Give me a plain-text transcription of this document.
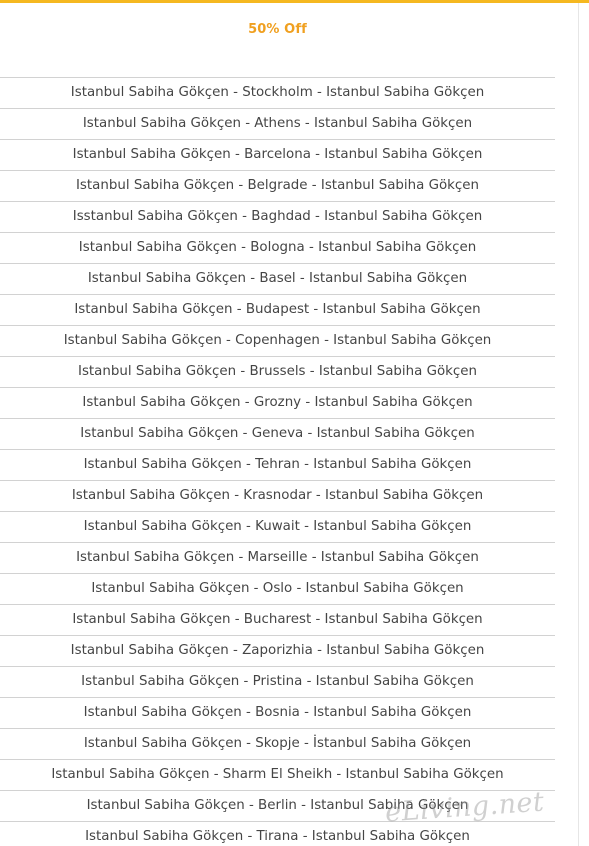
50% Off
Istanbul Sabiha Gökçen - Stockholm - Istanbul Sabiha Gökçen
Istanbul Sabiha Gökçen - Athens - Istanbul Sabiha Gökçen
Istanbul Sabiha Gökçen - Barcelona - Istanbul Sabiha Gökçen
Istanbul Sabiha Gökçen - Belgrade - Istanbul Sabiha Gökçen
Isstanbul Sabiha Gökçen - Baghdad - Istanbul Sabiha Gökçen
Istanbul Sabiha Gökçen - Bologna - Istanbul Sabiha Gökçen
Istanbul Sabiha Gökçen - Basel - Istanbul Sabiha Gökçen
Istanbul Sabiha Gökçen - Budapest - Istanbul Sabiha Gökçen
Istanbul Sabiha Gökçen - Copenhagen - Istanbul Sabiha Gökçen
Istanbul Sabiha Gökçen - Brussels - Istanbul Sabiha Gökçen
Istanbul Sabiha Gökçen - Grozny - Istanbul Sabiha Gökçen
Istanbul Sabiha Gökçen - Geneva - Istanbul Sabiha Gökçen
Istanbul Sabiha Gökçen - Tehran - Istanbul Sabiha Gökçen
Istanbul Sabiha Gökçen - Krasnodar - Istanbul Sabiha Gökçen
Istanbul Sabiha Gökçen - Kuwait - Istanbul Sabiha Gökçen
Istanbul Sabiha Gökçen - Marseille - Istanbul Sabiha Gökçen
Istanbul Sabiha Gökçen - Oslo - Istanbul Sabiha Gökçen
Istanbul Sabiha Gökçen - Bucharest - Istanbul Sabiha Gökçen
Istanbul Sabiha Gökçen - Zaporizhia - Istanbul Sabiha Gökçen
Istanbul Sabiha Gökçen - Pristina - Istanbul Sabiha Gökçen
Istanbul Sabiha Gökçen - Bosnia - Istanbul Sabiha Gökçen
Istanbul Sabiha Gökçen - Skopje - İstanbul Sabiha Gökçen
Istanbul Sabiha Gökçen - Sharm El Sheikh - Istanbul Sabiha Gökçen
Istanbul Sabiha Gökçen - Berlin - Istanbul Sabiha Gökçen
Istanbul Sabiha Gökçen - Tirana - Istanbul Sabiha Gökçen
eLiving.net
